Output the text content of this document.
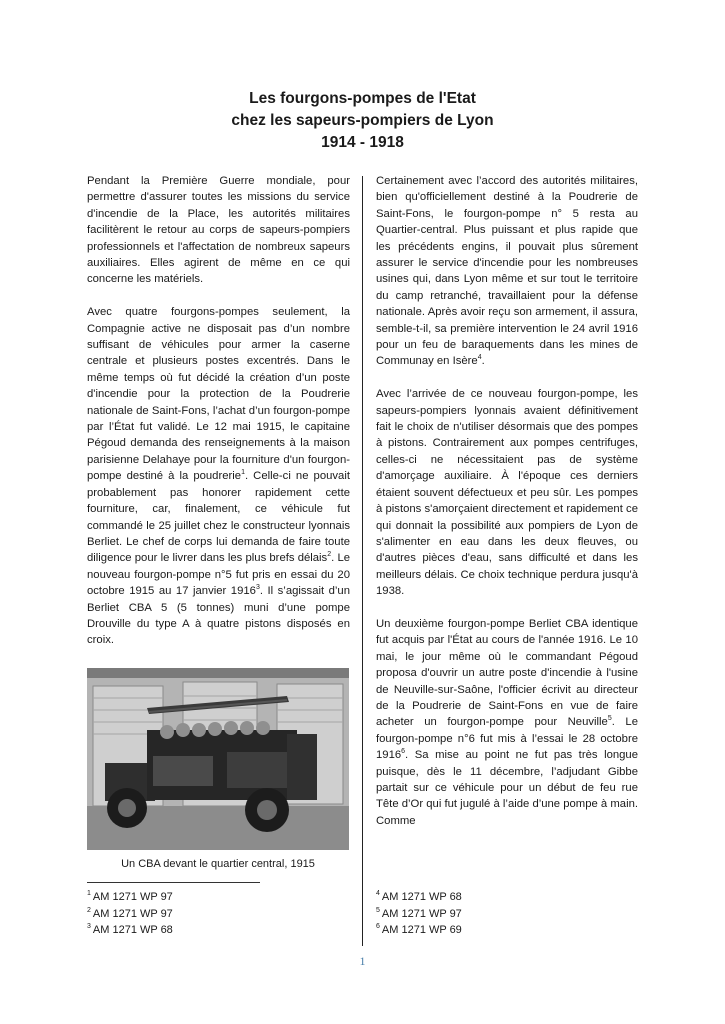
Les fourgons-pompes de l'Etat
chez les sapeurs-pompiers de Lyon
1914 - 1918

Pendant la Première Guerre mondiale, pour permettre d'assurer toutes les missions du service d'incendie de la Place, les autorités militaires facilitèrent le retour au corps de sapeurs-pompiers professionnels et l'affectation de nombreux sapeurs auxiliaires. Elles agirent de même en ce qui concerne les matériels.

Avec quatre fourgons-pompes seulement, la Compagnie active ne disposait pas d’un nombre suffisant de véhicules pour armer la caserne centrale et plusieurs postes excentrés. Dans le même temps où fut décidé la création d’un poste d'incendie pour la protection de la Poudrerie nationale de Saint-Fons, l’achat d’un fourgon-pompe par l’État fut validé. Le 12 mai 1915, le capitaine Pégoud demanda des renseignements à la maison parisienne Delahaye pour la fourniture d'un fourgon-pompe destiné à la poudrerie$^1$. Celle-ci ne pouvait probablement pas honorer rapidement cette fourniture, car, finalement, ce véhicule fut commandé le 25 juillet chez le constructeur lyonnais Berliet. Le chef de corps lui demanda de faire toute diligence pour le livrer dans les plus brefs délais$^2$. Le nouveau fourgon-pompe n°5 fut pris en essai du 20 octobre 1915 au 17 janvier 1916$^3$. Il s’agissait d’un Berliet CBA 5 (5 tonnes) muni d’une pompe Drouville du type A à quatre pistons disposés en croix.

Un CBA devant le quartier central, 1915

Certainement avec l’accord des autorités militaires, bien qu'officiellement destiné à la Poudrerie de Saint-Fons, le fourgon-pompe n° 5 resta au Quartier-central. Plus puissant et plus rapide que les précédents engins, il pouvait plus sûrement assurer le service d'incendie pour les nombreuses usines qui, dans Lyon même et sur tout le territoire du camp retranché, travaillaient pour la défense nationale. Après avoir reçu son armement, il assura, semble-t-il, sa première intervention le 24 avril 1916 pour un feu de baraquements dans les mines de Communay en Isère$^4$.

Avec l’arrivée de ce nouveau fourgon-pompe, les sapeurs-pompiers lyonnais avaient définitivement fait le choix de n'utiliser désormais que des pompes à pistons. Contrairement aux pompes centrifuges, celles-ci ne nécessitaient pas de système d'amorçage auxiliaire. À l'époque ces derniers étaient souvent défectueux et peu sûr. Les pompes à pistons s'amorçaient directement et rapidement ce qui donnait la possibilité aux pompiers de Lyon de s'alimenter en eau dans les deux fleuves, ou d'autres pièces d'eau, sans difficulté et dans les meilleurs délais. Ce choix technique perdura jusqu'à 1938.

Un deuxième fourgon-pompe Berliet CBA identique fut acquis par l'État au cours de l'année 1916. Le 10 mai, le jour même où le commandant Pégoud proposa d'ouvrir un autre poste d'incendie à l'usine de Neuville-sur-Saône, l'officier écrivit au directeur de la Poudrerie de Saint-Fons en vue de faire acheter un fourgon-pompe pour Neuville$^5$. Le fourgon-pompe n°6 fut mis à l’essai le 28 octobre 1916$^6$. Sa mise au point ne fut pas très longue puisque, dès le 11 décembre, l’adjudant Gibbe partait sur ce véhicule pour un début de feu rue Tête d’Or qui fut jugulé à l’aide d’une pompe à main. Comme

$^1$ AM 1271 WP 97
$^2$ AM 1271 WP 97
$^3$ AM 1271 WP 68
$^4$ AM 1271 WP 68
$^5$ AM 1271 WP 97
$^6$ AM 1271 WP 69
1
